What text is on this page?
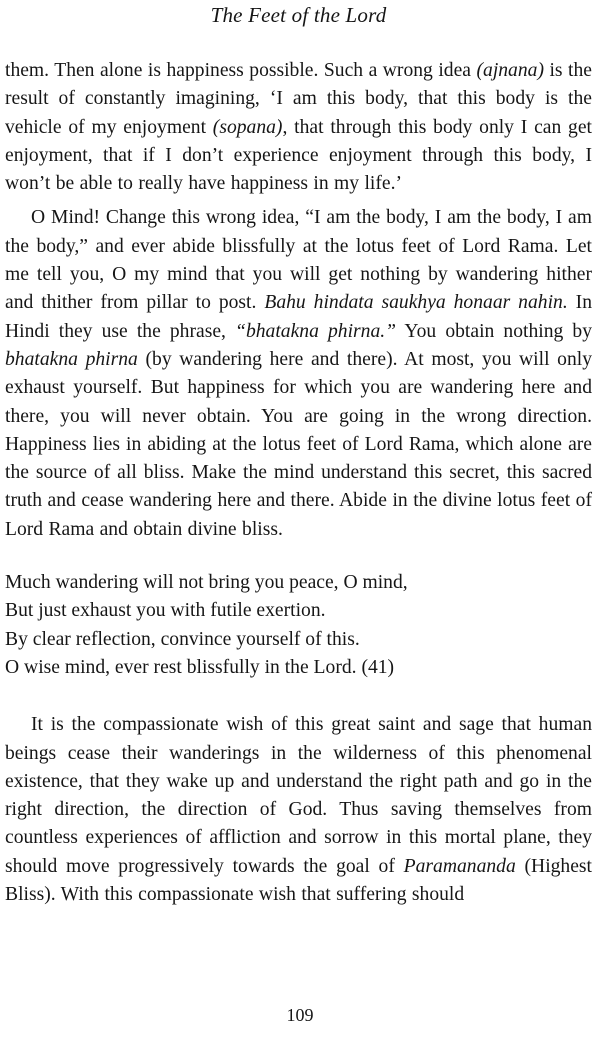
The Feet of the Lord

them. Then alone is happiness possible. Such a wrong idea (ajnana) is the result of constantly imagining, ‘I am this body, that this body is the vehicle of my enjoyment (sopana), that through this body only I can get enjoyment, that if I don’t experience enjoyment through this body, I won’t be able to really have happiness in my life.’

O Mind! Change this wrong idea, “I am the body, I am the body, I am the body,” and ever abide blissfully at the lotus feet of Lord Rama. Let me tell you, O my mind that you will get nothing by wandering hither and thither from pillar to post. Bahu hindata saukhya honaar nahin. In Hindi they use the phrase, “bhatakna phirna.” You obtain nothing by bhatakna phirna (by wandering here and there). At most, you will only exhaust yourself. But happiness for which you are wandering here and there, you will never obtain. You are going in the wrong direction. Happiness lies in abiding at the lotus feet of Lord Rama, which alone are the source of all bliss. Make the mind understand this secret, this sacred truth and cease wandering here and there. Abide in the divine lotus feet of Lord Rama and obtain divine bliss.

Much wandering will not bring you peace, O mind,
But just exhaust you with futile exertion.
By clear reflection, convince yourself of this.
O wise mind, ever rest blissfully in the Lord. (41)

It is the compassionate wish of this great saint and sage that human beings cease their wanderings in the wilderness of this phenomenal existence, that they wake up and understand the right path and go in the right direction, the direction of God. Thus saving themselves from countless experiences of affliction and sorrow in this mortal plane, they should move progressively towards the goal of Paramananda (Highest Bliss). With this compassionate wish that suffering should

109
